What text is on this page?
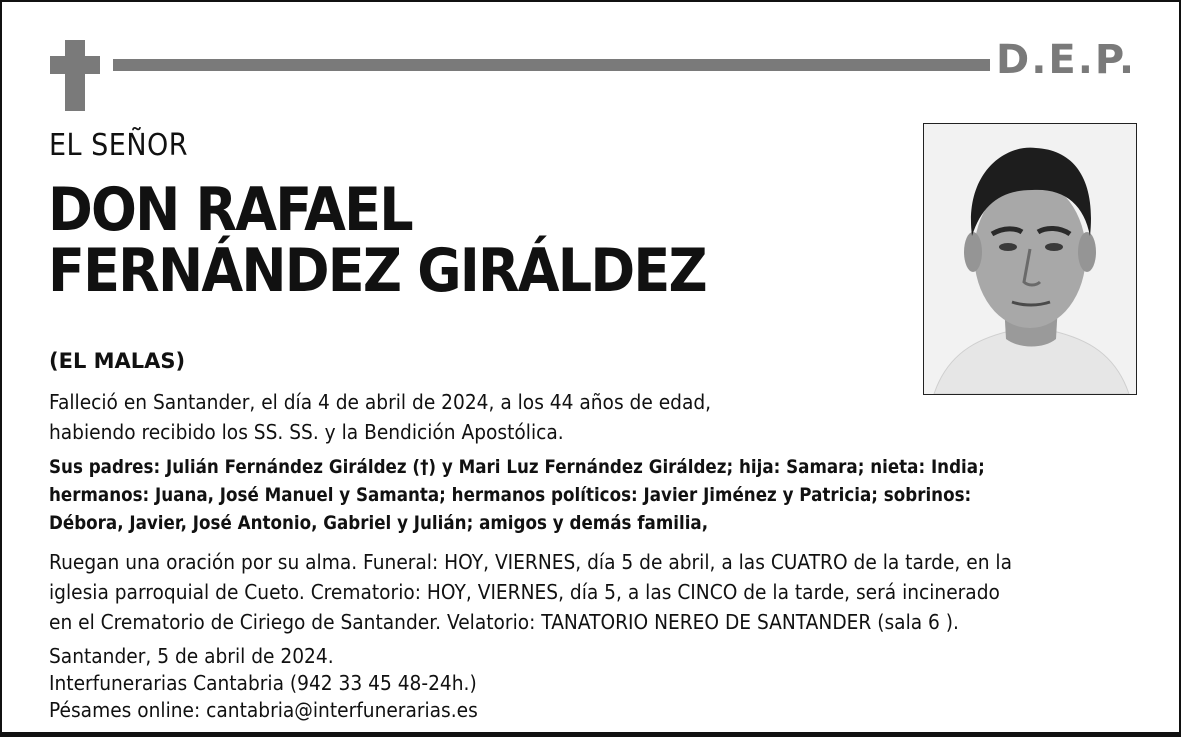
D.E.P.
EL SEÑOR
DON RAFAEL
FERNÁNDEZ GIRÁLDEZ
(EL MALAS)
Falleció en Santander, el día 4 de abril de 2024, a los 44 años de edad,
habiendo recibido los SS. SS. y la Bendición Apostólica.
Sus padres: Julián Fernández Giráldez (†) y Mari Luz Fernández Giráldez; hija: Samara; nieta: India;
hermanos: Juana, José Manuel y Samanta; hermanos políticos: Javier Jiménez y Patricia; sobrinos:
Débora, Javier, José Antonio, Gabriel y Julián; amigos y demás familia,
Ruegan una oración por su alma. Funeral: HOY, VIERNES, día 5 de abril, a las CUATRO de la tarde, en la
iglesia parroquial de Cueto. Crematorio: HOY, VIERNES, día 5, a las CINCO de la tarde, será incinerado
en el Crematorio de Ciriego de Santander. Velatorio: TANATORIO NEREO DE SANTANDER (sala 6 ).
Santander, 5 de abril de 2024.
Interfunerarias Cantabria (942 33 45 48-24h.)
Pésames online: cantabria@interfunerarias.es
